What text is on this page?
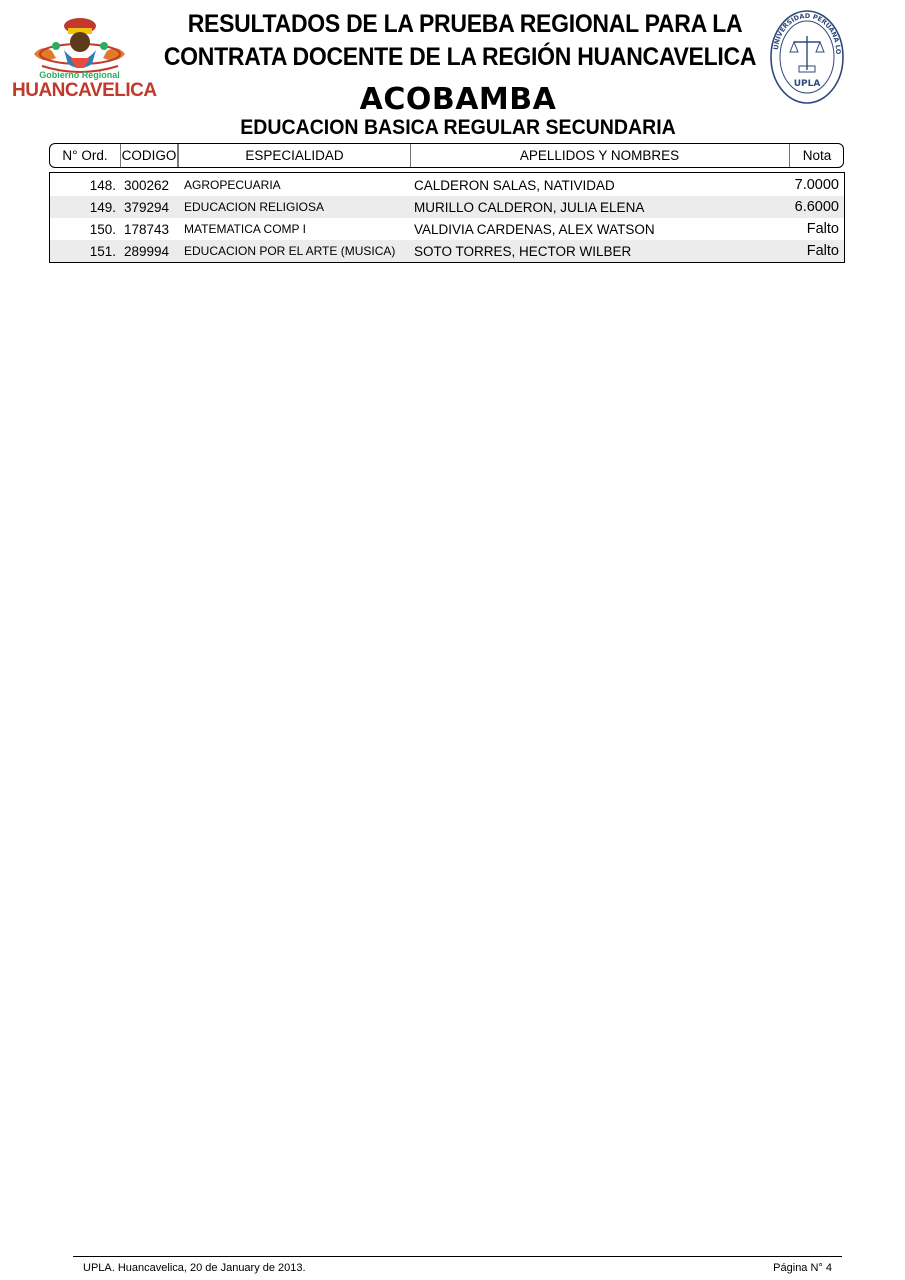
Gobierno Regional
HUANCAVELICA
UNIVERSIDAD PERUANA LO
UPLA
RESULTADOS DE LA PRUEBA REGIONAL PARA LA
CONTRATA DOCENTE DE LA REGIÓN HUANCAVELICA
ACOBAMBA
EDUCACION BASICA REGULAR SECUNDARIA
N° Ord.	CODIGO	ESPECIALIDAD	APELLIDOS Y NOMBRES	Nota
148. 300262	AGROPECUARIA	CALDERON SALAS, NATIVIDAD	7.0000
149. 379294	EDUCACION RELIGIOSA	MURILLO CALDERON, JULIA ELENA	6.6000
150. 178743	MATEMATICA COMP I	VALDIVIA CARDENAS, ALEX WATSON	Falto
151. 289994	EDUCACION POR EL ARTE (MUSICA)	SOTO TORRES, HECTOR WILBER	Falto
UPLA. Huancavelica, 20 de January de 2013.	Página N° 4
